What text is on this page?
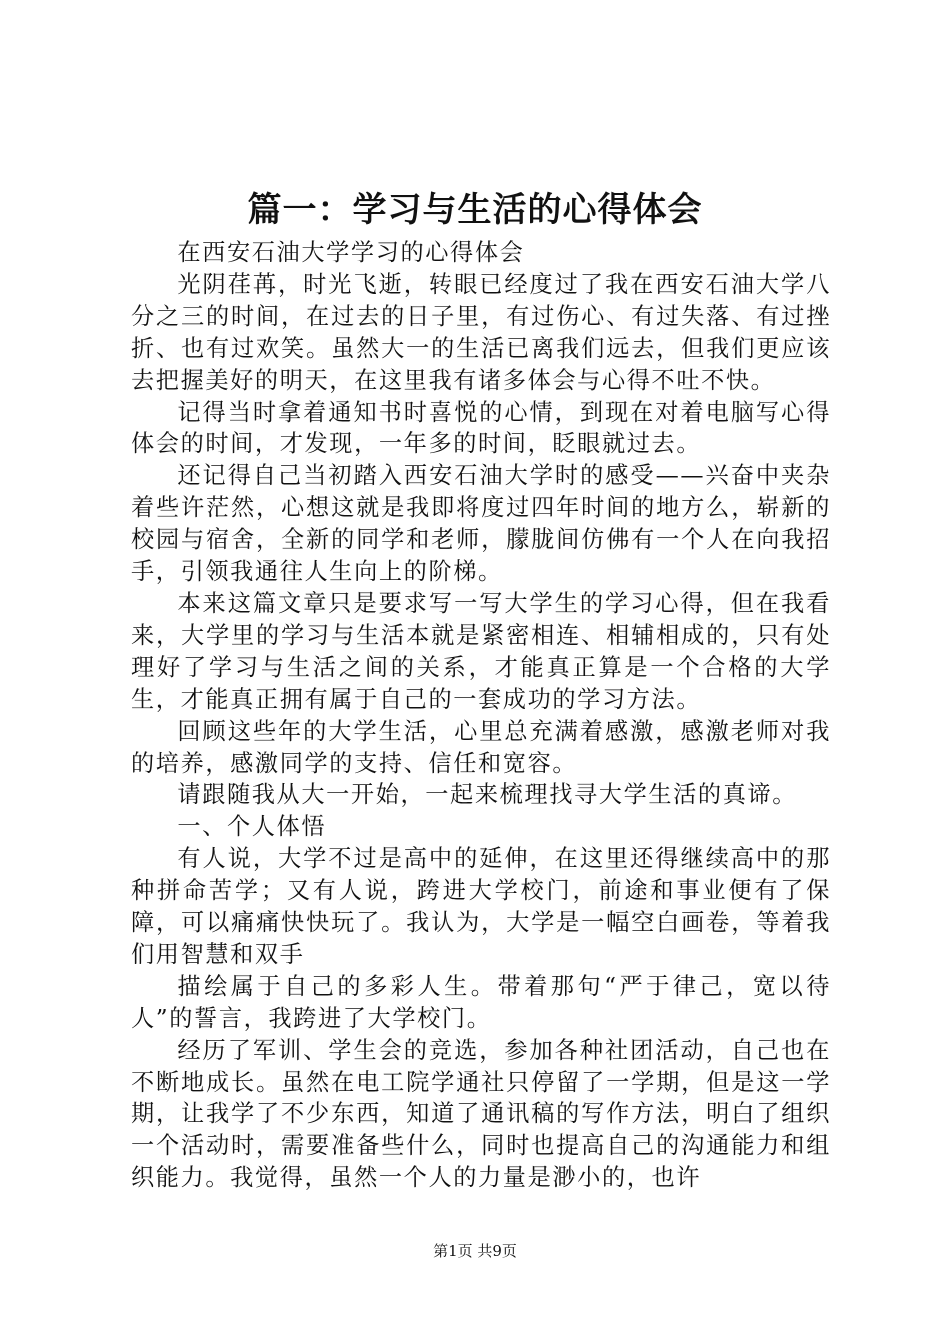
篇一：学习与生活的心得体会

在西安石油大学学习的心得体会

光阴荏苒，时光飞逝，转眼已经度过了我在西安石油大学八分之三的时间，在过去的日子里，有过伤心、有过失落、有过挫折、也有过欢笑。虽然大一的生活已离我们远去，但我们更应该去把握美好的明天，在这里我有诸多体会与心得不吐不快。

记得当时拿着通知书时喜悦的心情，到现在对着电脑写心得体会的时间，才发现，一年多的时间，眨眼就过去。

还记得自己当初踏入西安石油大学时的感受——兴奋中夹杂着些许茫然，心想这就是我即将度过四年时间的地方么，崭新的校园与宿舍，全新的同学和老师，朦胧间仿佛有一个人在向我招手，引领我通往人生向上的阶梯。

本来这篇文章只是要求写一写大学生的学习心得，但在我看来，大学里的学习与生活本就是紧密相连、相辅相成的，只有处理好了学习与生活之间的关系，才能真正算是一个合格的大学生，才能真正拥有属于自己的一套成功的学习方法。

回顾这些年的大学生活，心里总充满着感激，感激老师对我的培养，感激同学的支持、信任和宽容。

请跟随我从大一开始，一起来梳理找寻大学生活的真谛。

一、个人体悟

有人说，大学不过是高中的延伸，在这里还得继续高中的那种拼命苦学；又有人说，跨进大学校门，前途和事业便有了保障，可以痛痛快快玩了。我认为，大学是一幅空白画卷，等着我们用智慧和双手

描绘属于自己的多彩人生。带着那句“严于律己，宽以待人”的誓言，我跨进了大学校门。

经历了军训、学生会的竞选，参加各种社团活动，自己也在不断地成长。虽然在电工院学通社只停留了一学期，但是这一学期，让我学了不少东西，知道了通讯稿的写作方法，明白了组织一个活动时，需要准备些什么，同时也提高自己的沟通能力和组织能力。我觉得，虽然一个人的力量是渺小的，也许

第1页 共9页
